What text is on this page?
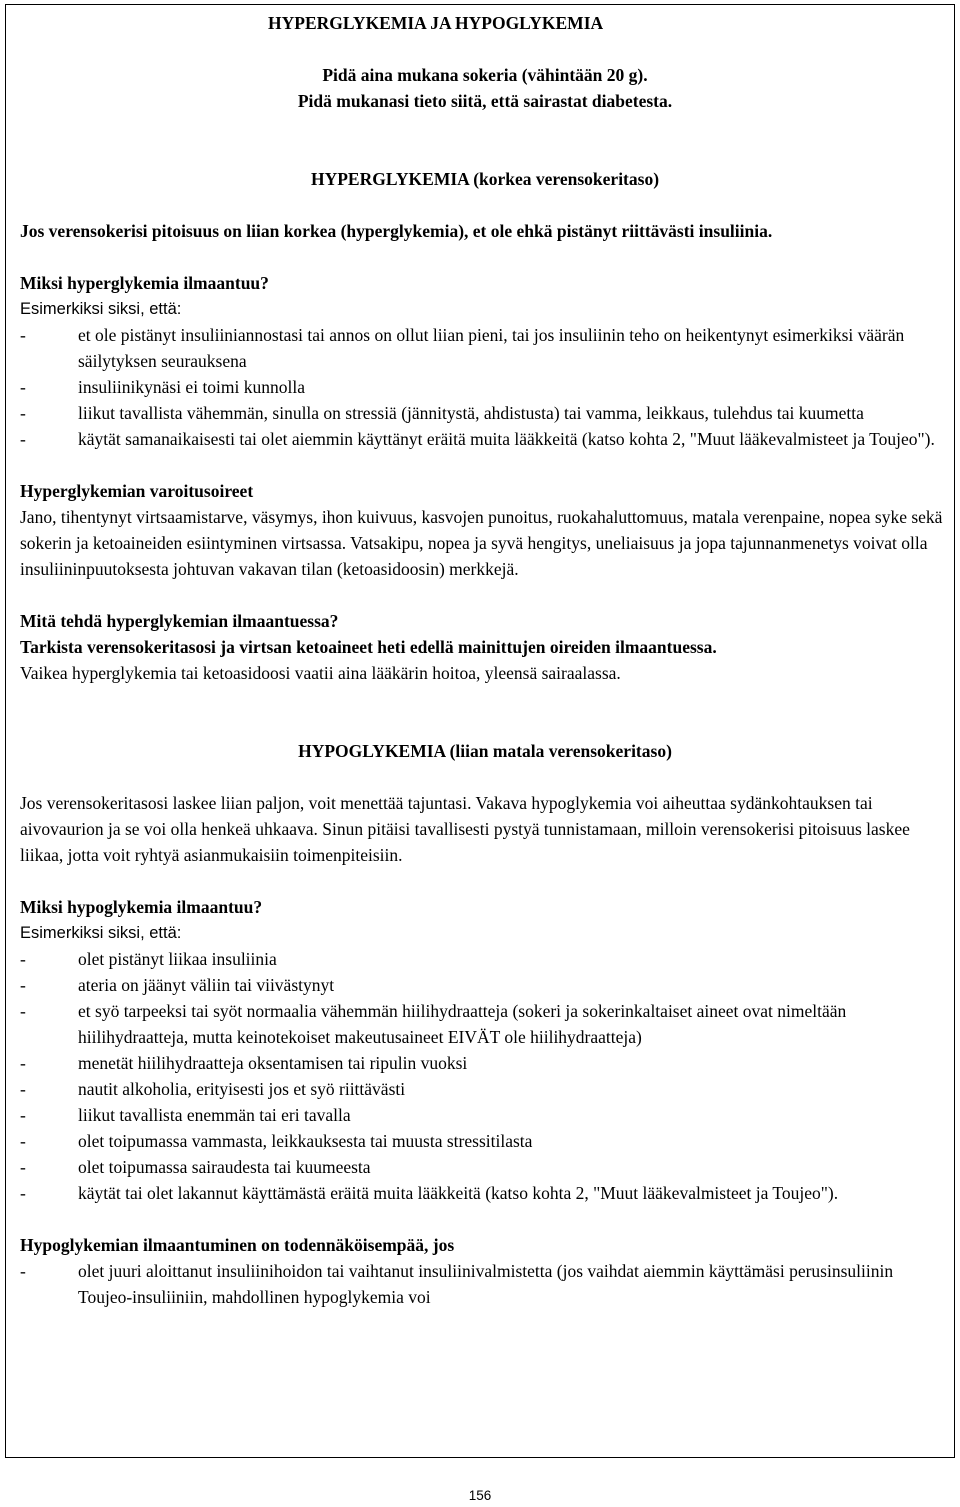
HYPERGLYKEMIA JA HYPOGLYKEMIA

Pidä aina mukana sokeria (vähintään 20 g).

Pidä mukanasi tieto siitä, että sairastat diabetesta.

HYPERGLYKEMIA (korkea verensokeritaso)

Jos verensokerisi pitoisuus on liian korkea (hyperglykemia), et ole ehkä pistänyt riittävästi insuliinia.

Miksi hyperglykemia ilmaantuu?

Esimerkiksi siksi, että:

- et ole pistänyt insuliiniannostasi tai annos on ollut liian pieni, tai jos insuliinin teho on heikentynyt esimerkiksi väärän säilytyksen seurauksena
- insuliinikynäsi ei toimi kunnolla
- liikut tavallista vähemmän, sinulla on stressiä (jännitystä, ahdistusta) tai vamma, leikkaus, tulehdus tai kuumetta
- käytät samanaikaisesti tai olet aiemmin käyttänyt eräitä muita lääkkeitä (katso kohta 2, "Muut lääkevalmisteet ja Toujeo").

Hyperglykemian varoitusoireet

Jano, tihentynyt virtsaamistarve, väsymys, ihon kuivuus, kasvojen punoitus, ruokahaluttomuus, matala verenpaine, nopea syke sekä sokerin ja ketoaineiden esiintyminen virtsassa. Vatsakipu, nopea ja syvä hengitys, uneliaisuus ja jopa tajunnanmenetys voivat olla insuliininpuutoksesta johtuvan vakavan tilan (ketoasidoosin) merkkejä.

Mitä tehdä hyperglykemian ilmaantuessa?

Tarkista verensokeritasosi ja virtsan ketoaineet heti edellä mainittujen oireiden ilmaantuessa.

Vaikea hyperglykemia tai ketoasidoosi vaatii aina lääkärin hoitoa, yleensä sairaalassa.

HYPOGLYKEMIA (liian matala verensokeritaso)

Jos verensokeritasosi laskee liian paljon, voit menettää tajuntasi. Vakava hypoglykemia voi aiheuttaa sydänkohtauksen tai aivovaurion ja se voi olla henkeä uhkaava. Sinun pitäisi tavallisesti pystyä tunnistamaan, milloin verensokerisi pitoisuus laskee liikaa, jotta voit ryhtyä asianmukaisiin toimenpiteisiin.

Miksi hypoglykemia ilmaantuu?

Esimerkiksi siksi, että:

- olet pistänyt liikaa insuliinia
- ateria on jäänyt väliin tai viivästynyt
- et syö tarpeeksi tai syöt normaalia vähemmän hiilihydraatteja (sokeri ja sokerinkaltaiset aineet ovat nimeltään hiilihydraatteja, mutta keinotekoiset makeutusaineet EIVÄT ole hiilihydraatteja)
- menetät hiilihydraatteja oksentamisen tai ripulin vuoksi
- nautit alkoholia, erityisesti jos et syö riittävästi
- liikut tavallista enemmän tai eri tavalla
- olet toipumassa vammasta, leikkauksesta tai muusta stressitilasta
- olet toipumassa sairaudesta tai kuumeesta
- käytät tai olet lakannut käyttämästä eräitä muita lääkkeitä (katso kohta 2, "Muut lääkevalmisteet ja Toujeo").

Hypoglykemian ilmaantuminen on todennäköisempää, jos

- olet juuri aloittanut insuliinihoidon tai vaihtanut insuliinivalmistetta (jos vaihdat aiemmin käyttämäsi perusinsuliinin Toujeo-insuliiniin, mahdollinen hypoglykemia voi
156
